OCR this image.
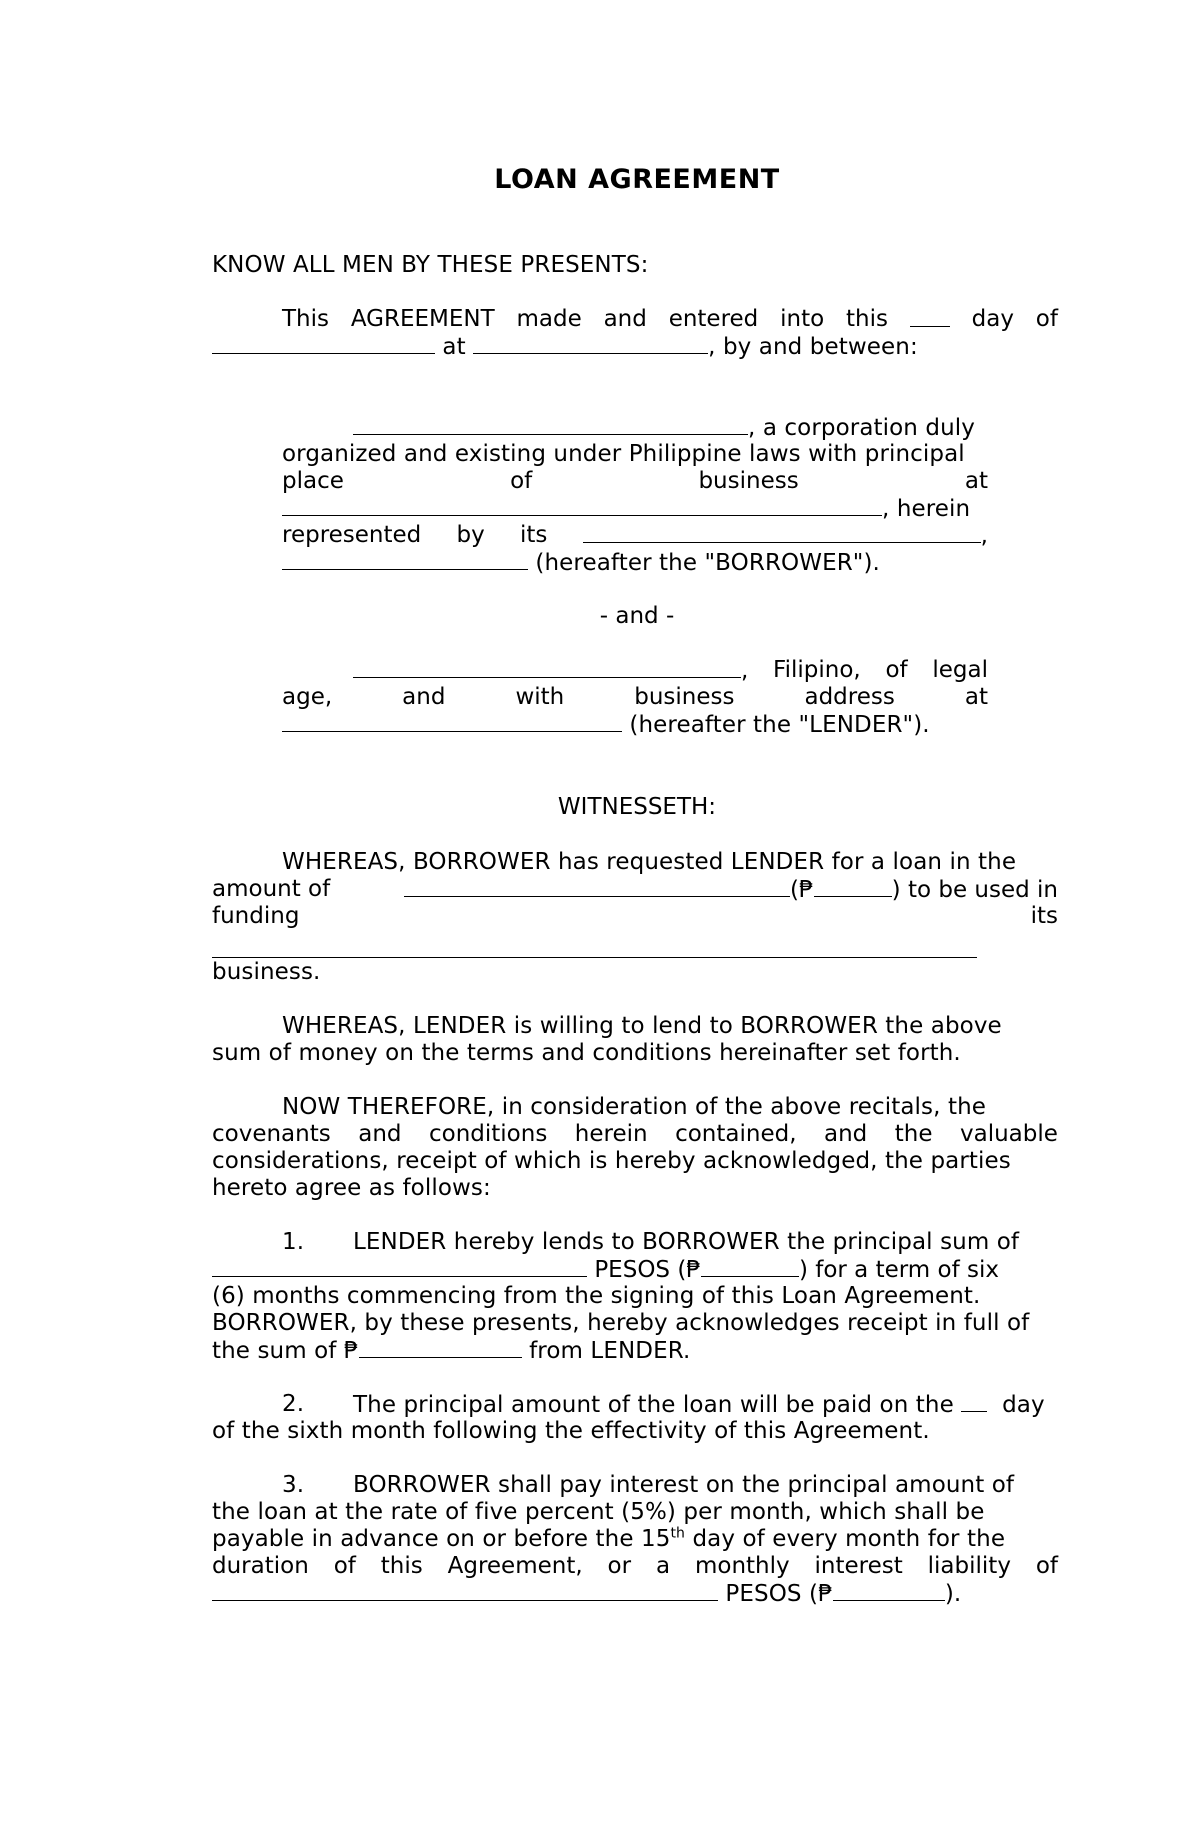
LOAN AGREEMENT
KNOW ALL MEN BY THESE PRESENTS:
This AGREEMENT made and entered into this	day of
at	, by and between:
, a corporation duly
organized and existing under Philippine laws with principal
place	of	business	at
, herein
represented by its	,
(hereafter the "BORROWER").
- and -
, Filipino, of legal
age,	and	with	business	address	at
(hereafter the "LENDER").
WITNESSETH:
WHEREAS, BORROWER has requested LENDER for a loan in the
amount of	(₱	) to be used in
funding	its
business.
WHEREAS, LENDER is willing to lend to BORROWER the above
sum of money on the terms and conditions hereinafter set forth.
NOW THEREFORE, in consideration of the above recitals, the
covenants and conditions herein contained, and the valuable
considerations, receipt of which is hereby acknowledged, the parties
hereto agree as follows:
1. LENDER hereby lends to BORROWER the principal sum of
PESOS (₱	) for a term of six
(6) months commencing from the signing of this Loan Agreement.
BORROWER, by these presents, hereby acknowledges receipt in full of
the sum of ₱	from LENDER.
2. The principal amount of the loan will be paid on the day
of the sixth month following the effectivity of this Agreement.
3. BORROWER shall pay interest on the principal amount of
the loan at the rate of five percent (5%) per month, which shall be
payable in advance on or before the 15th day of every month for the
duration of this Agreement, or a monthly interest liability of
PESOS (₱	).
